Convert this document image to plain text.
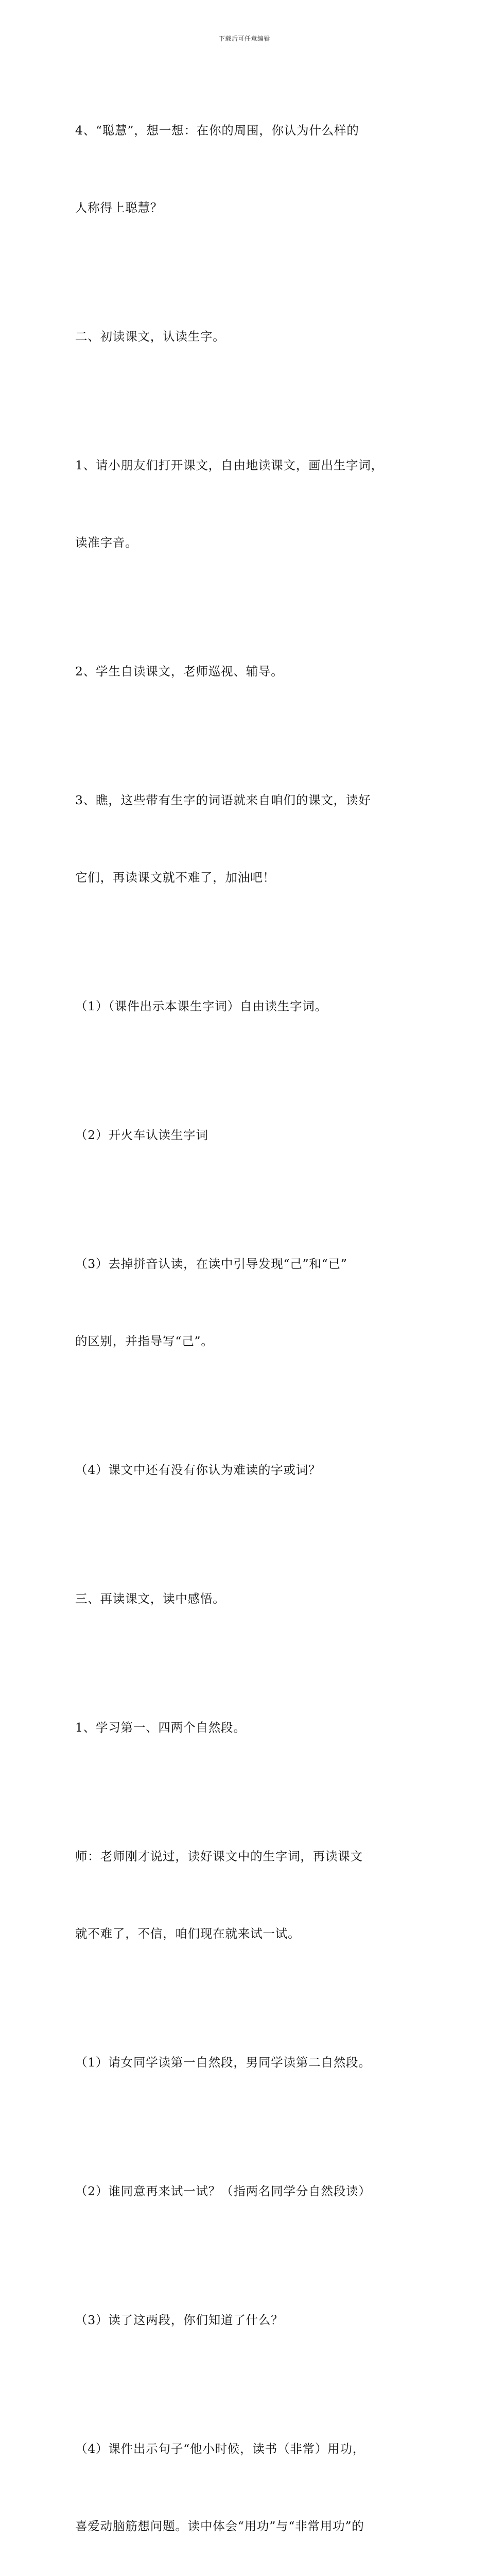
下载后可任意编辑

4、“聪慧”，想一想：在你的周围，你认为什么样的

人称得上聪慧？

二、初读课文，认读生字。

1、请小朋友们打开课文，自由地读课文，画出生字词，

读准字音。

2、学生自读课文，老师巡视、辅导。

3、瞧，这些带有生字的词语就来自咱们的课文，读好

它们，再读课文就不难了，加油吧！

（1）（课件出示本课生字词）自由读生字词。

（2）开火车认读生字词

（3）去掉拼音认读，在读中引导发现“己”和“已”

的区别，并指导写“己”。

（4）课文中还有没有你认为难读的字或词？

三、再读课文，读中感悟。

1、学习第一、四两个自然段。

师：老师刚才说过，读好课文中的生字词，再读课文

就不难了，不信，咱们现在就来试一试。

（1）请女同学读第一自然段，男同学读第二自然段。

（2）谁同意再来试一试？（指两名同学分自然段读）

（3）读了这两段，你们知道了什么？

（4）课件出示句子“他小时候，读书（非常）用功，

喜爱动脑筋想问题。读中体会“用功”与“非常用功”的
